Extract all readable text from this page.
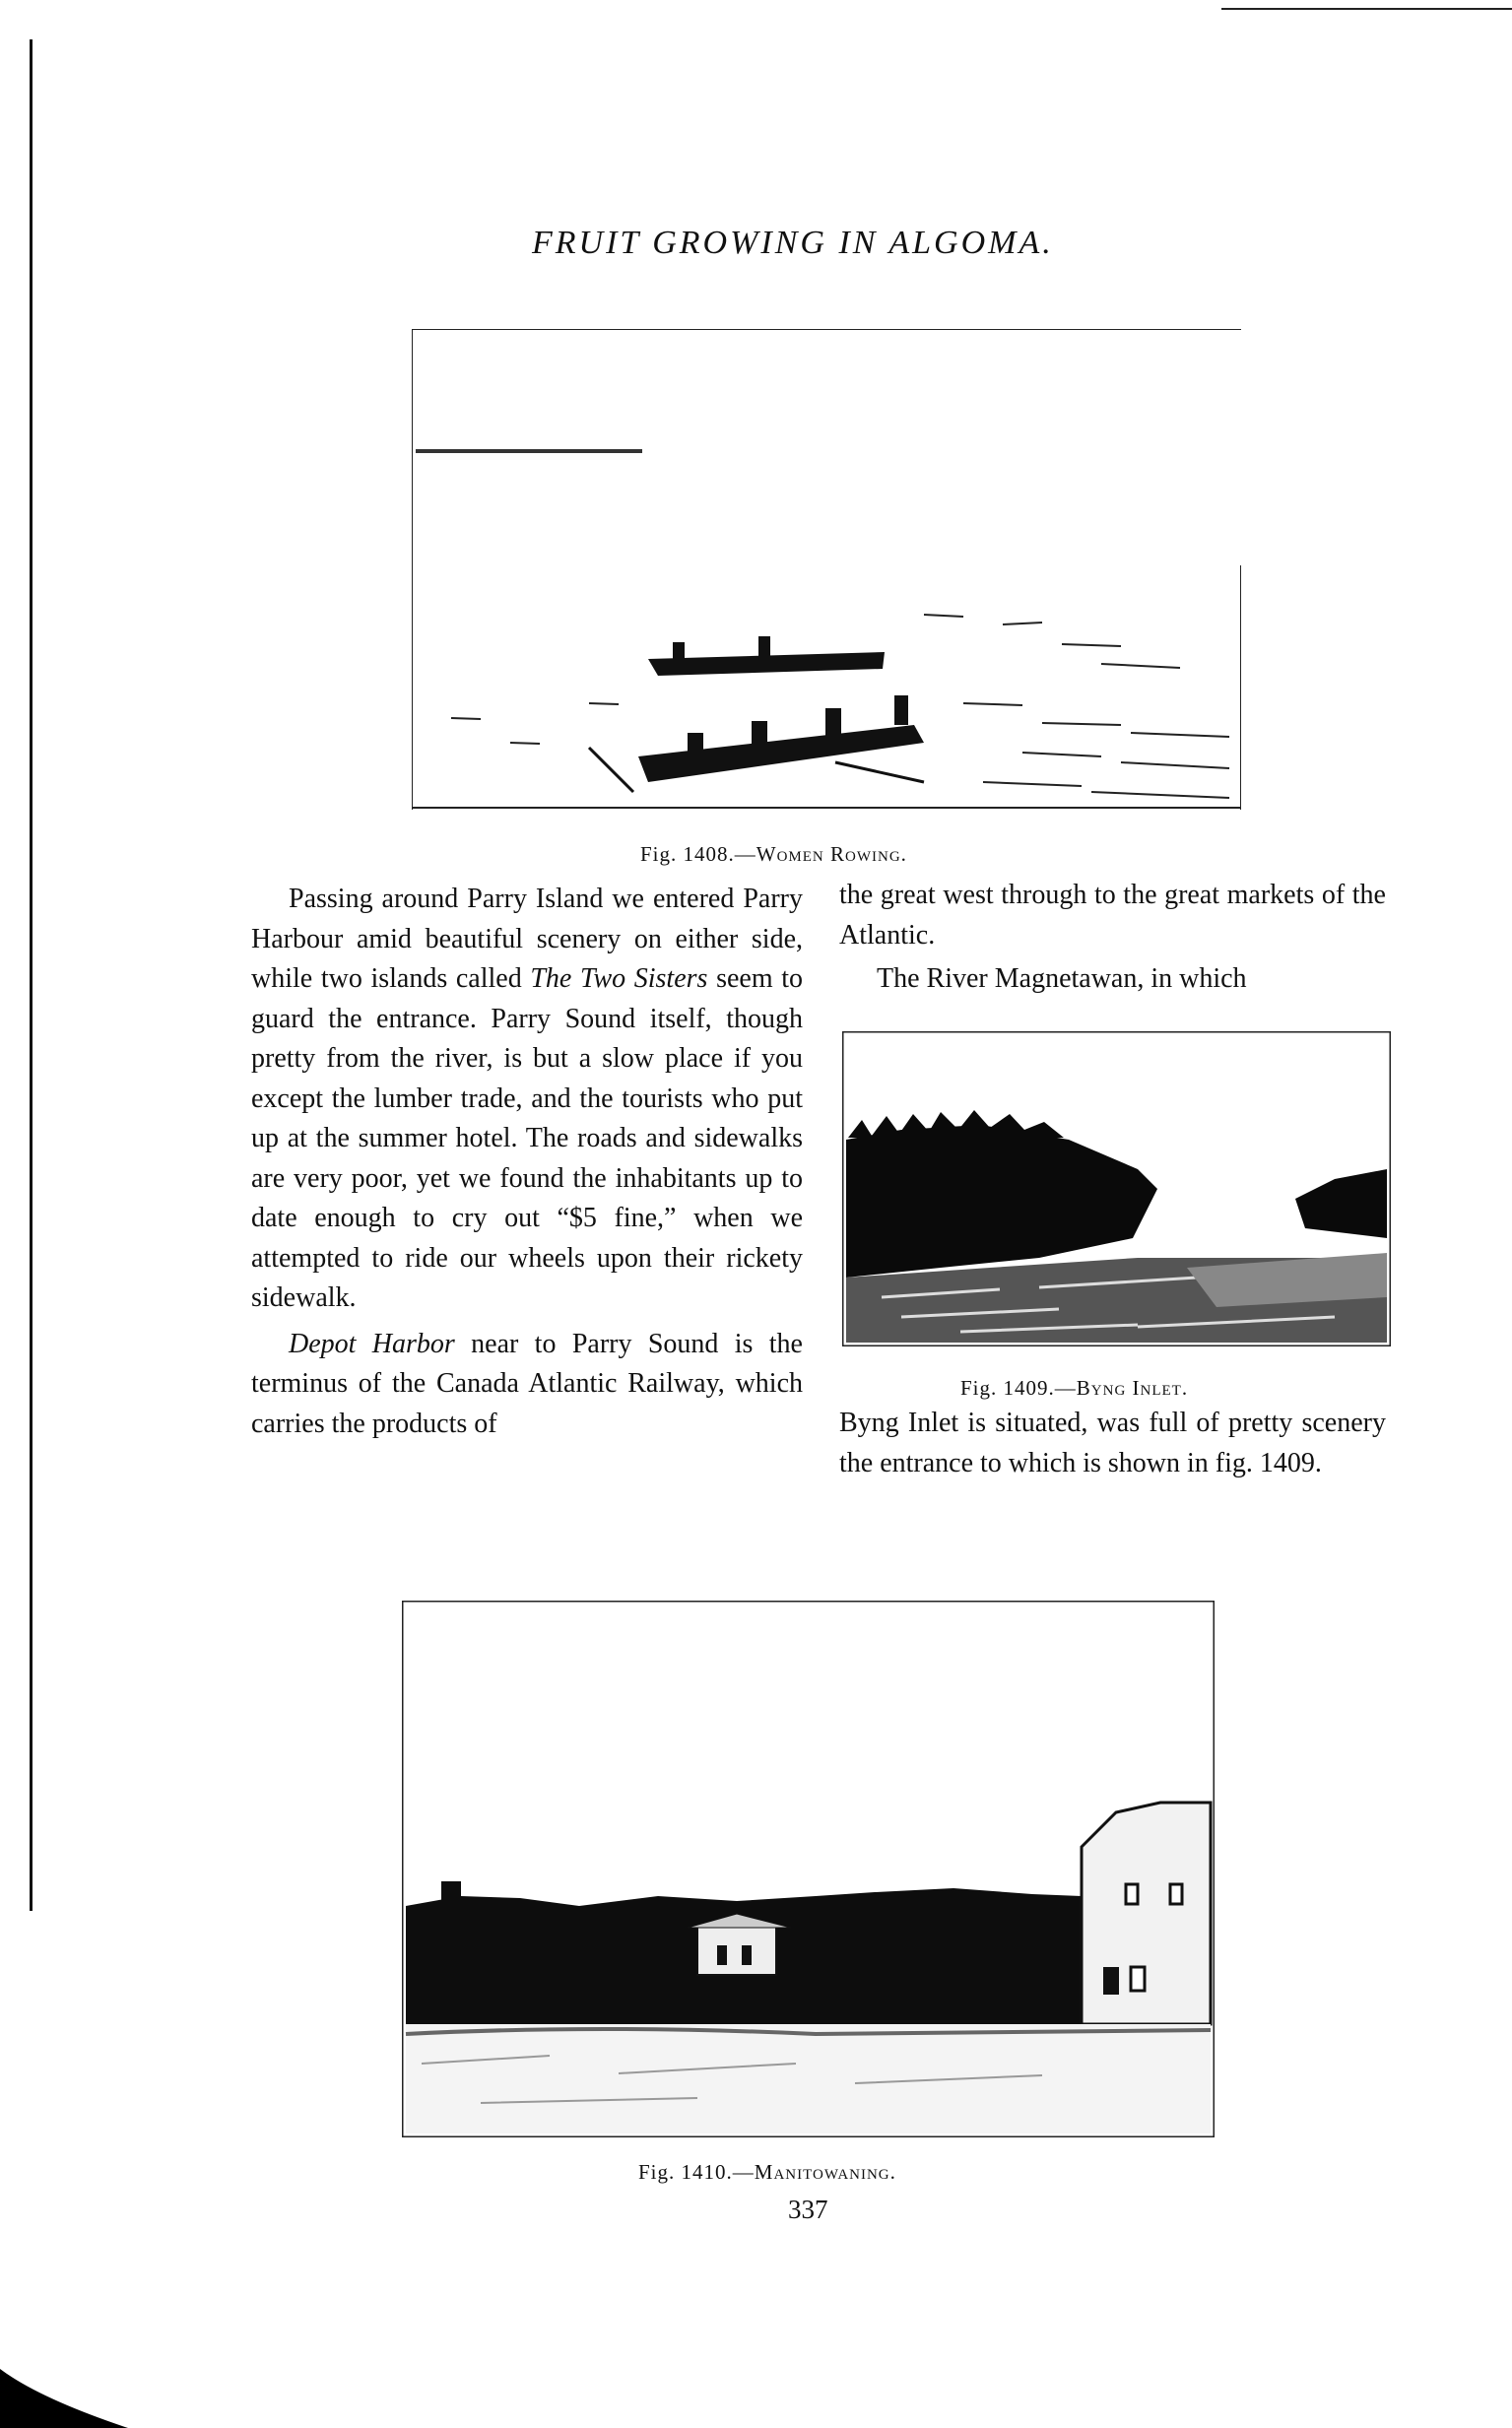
FRUIT GROWING IN ALGOMA.
Fig. 1408.—Women Rowing.

Passing around Parry Island we entered Parry Harbour amid beautiful scenery on either side, while two islands called The Two Sisters seem to guard the entrance. Parry Sound itself, though pretty from the river, is but a slow place if you except the lumber trade, and the tourists who put up at the summer hotel. The roads and sidewalks are very poor, yet we found the inhabitants up to date enough to cry out “$5 fine,” when we attempted to ride our wheels upon their rickety sidewalk.

Depot Harbor near to Parry Sound is the terminus of the Canada Atlantic Railway, which carries the products of

the great west through to the great markets of the Atlantic.

The River Magnetawan, in which

Fig. 1409.—Byng Inlet.

Byng Inlet is situated, was full of pretty scenery the entrance to which is shown in fig. 1409.

Fig. 1410.—Manitowaning.
337
